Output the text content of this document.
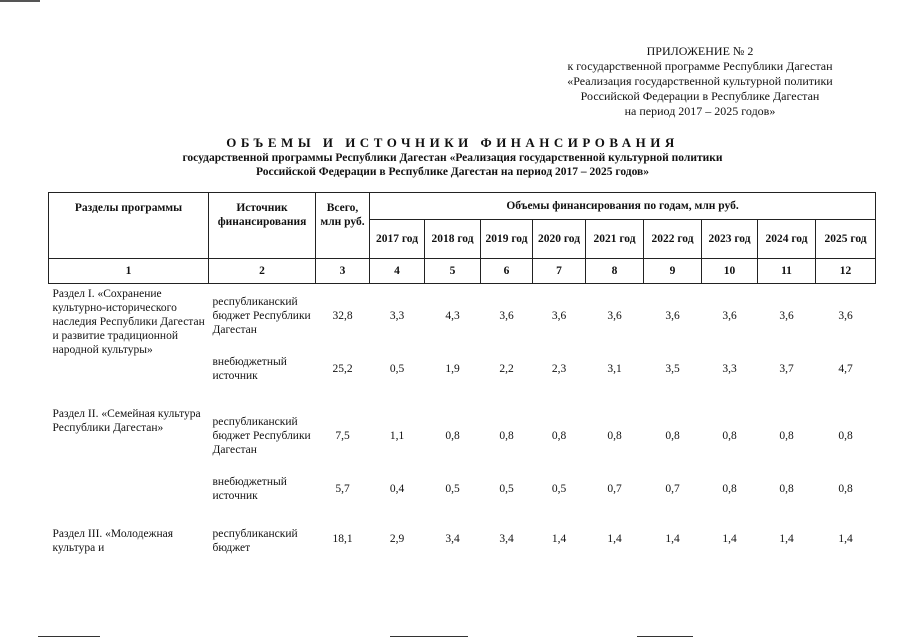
ПРИЛОЖЕНИЕ № 2
к государственной программе Республики Дагестан
«Реализация государственной культурной политики
Российской Федерации в Республике Дагестан
на период 2017 – 2025 годов»
ОБЪЕМЫ И ИСТОЧНИКИ ФИНАНСИРОВАНИЯ
государственной программы Республики Дагестан «Реализация государственной культурной политики
Российской Федерации в Республике Дагестан на период 2017 – 2025 годов»
Разделы программы	Источник финансирования	Всего, млн руб.	Объемы финансирования по годам, млн руб.								
			2017 год	2018 год	2019 год	2020 год	2021 год	2022 год	2023 год	2024 год	2025 год
1	2	3	4	5	6	7	8	9	10	11	12
Раздел I. «Сохранение культурно-исторического наследия Республики Дагестан и развитие традиционной народной культуры»	республиканский бюджет Республики Дагестан	32,8	3,3	4,3	3,6	3,6	3,6	3,6	3,6	3,6	3,6
	внебюджетный источник	25,2	0,5	1,9	2,2	2,3	3,1	3,5	3,3	3,7	4,7

Раздел II. «Семейная культура Республики Дагестан»	республиканский бюджет Республики Дагестан	7,5	1,1	0,8	0,8	0,8	0,8	0,8	0,8	0,8	0,8
	внебюджетный источник	5,7	0,4	0,5	0,5	0,5	0,7	0,7	0,8	0,8	0,8

Раздел III. «Молодежная культура и	республиканский бюджет	18,1	2,9	3,4	3,4	1,4	1,4	1,4	1,4	1,4	1,4
